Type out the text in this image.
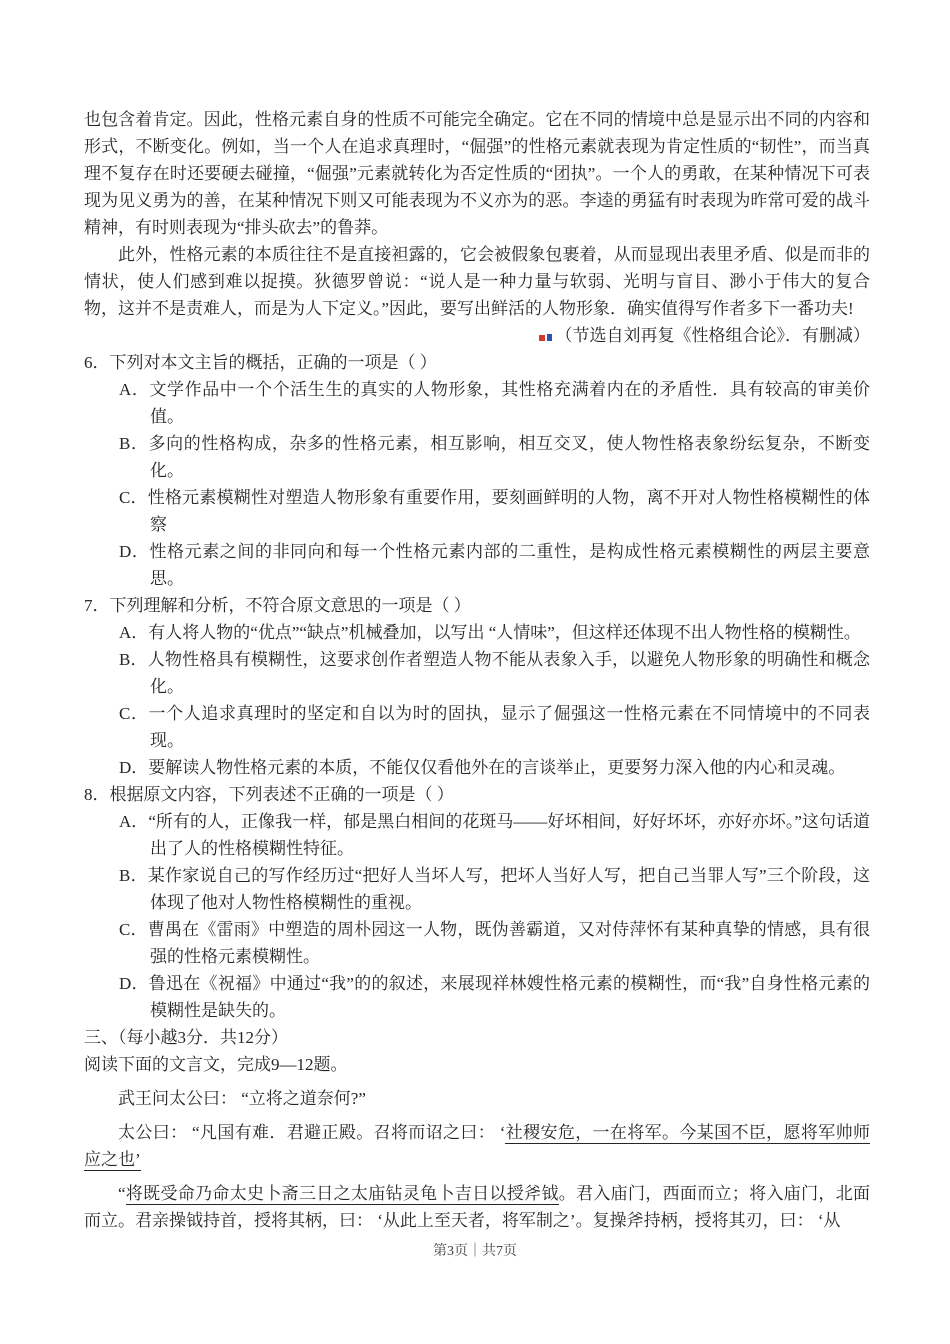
也包含着肯定。因此，性格元素自身的性质不可能完全确定。它在不同的情境中总是显示出不同的内容和形式，不断变化。例如，当一个人在追求真理时，“倔强”的性格元素就表现为肯定性质的“韧性”，而当真理不复存在时还要硬去碰撞，“倔强”元素就转化为否定性质的“团执”。一个人的勇敢，在某种情况下可表现为见义勇为的善，在某种情况下则又可能表现为不义亦为的恶。李逵的勇猛有时表现为昨常可爱的战斗精神，有时则表现为“排头砍去”的鲁莽。
此外，性格元素的本质往往不是直接袒露的，它会被假象包裹着，从而显现出表里矛盾、似是而非的情状，使人们感到难以捉摸。狄德罗曾说：“说人是一种力量与软弱、光明与盲目、渺小于伟大的复合物，这并不是责难人，而是为人下定义。”因此，要写出鲜活的人物形象．确实值得写作者多下一番功夫!
（节选自刘再复《性格组合论》．有删减）
6．下列对本文主旨的概括，正确的一项是（ ）
A．文学作品中一个个活生生的真实的人物形象，其性格充满着内在的矛盾性．具有较高的审美价值。
B．多向的性格构成，杂多的性格元素，相互影响，相互交叉，使人物性格表象纷纭复杂，不断变化。
C．性格元素模糊性对塑造人物形象有重要作用，要刻画鲜明的人物，离不开对人物性格模糊性的体察
D．性格元素之间的非同向和每一个性格元素内部的二重性，是构成性格元素模糊性的两层主要意思。
7．下列理解和分析，不符合原文意思的一项是（ ）
A．有人将人物的“优点”“缺点”机械叠加，以写出 “人情味”，但这样还体现不出人物性格的模糊性。
B．人物性格具有模糊性，这要求创作者塑造人物不能从表象入手，以避免人物形象的明确性和概念化。
C．一个人追求真理时的坚定和自以为时的固执，显示了倔强这一性格元素在不同情境中的不同表现。
D．要解读人物性格元素的本质，不能仅仅看他外在的言谈举止，更要努力深入他的内心和灵魂。
8．根据原文内容，下列表述不正确的一项是（ ）
A．“所有的人，正像我一样，郁是黑白相间的花斑马——好坏相间，好好坏坏，亦好亦坏。”这句话道出了人的性格模糊性特征。
B．某作家说自己的写作经历过“把好人当坏人写，把坏人当好人写，把自己当罪人写”三个阶段，这体现了他对人物性格模糊性的重视。
C．曹禺在《雷雨》中塑造的周朴园这一人物，既伪善霸道，又对侍萍怀有某种真挚的情感，具有很强的性格元素模糊性。
D．鲁迅在《祝福》中通过“我”的的叙述，来展现祥林嫂性格元素的模糊性，而“我”自身性格元素的模糊性是缺失的。
三、（每小越3分．共12分）
阅读下面的文言文，完成9—12题。
武王问太公曰： “立将之道奈何?”
太公曰： “凡国有难．君避正殿。召将而诏之曰： ‘社稷安危，一在将军。今某国不臣，愿将军帅师应之也’
“将既受命乃命太史卜斋三日之太庙钻灵龟卜吉日以授斧钺。君入庙门，西面而立；将入庙门，北面而立。君亲操钺持首，授将其柄，曰： ‘从此上至天者，将军制之’。复操斧持柄，授将其刃，曰： ‘从
第3页｜共7页
